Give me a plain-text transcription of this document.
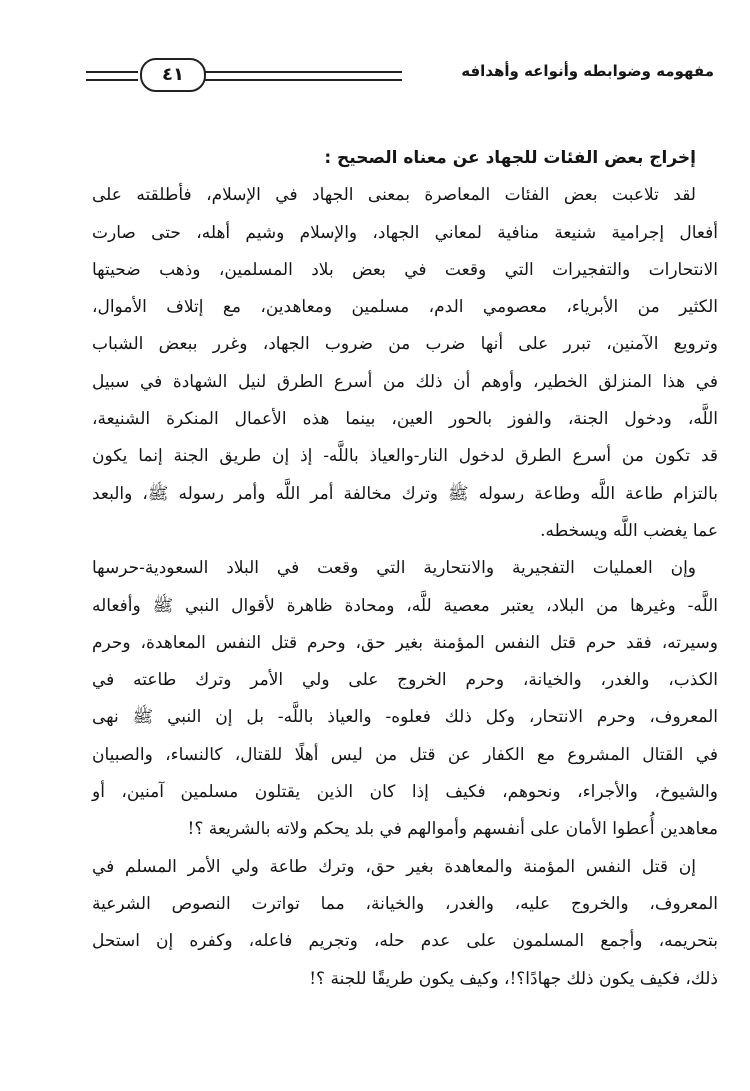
مفهومه وضوابطه وأنواعه وأهدافه
٤١
إخراج بعض الفئات للجهاد عن معناه الصحيح :

لقد تلاعبت بعض الفئات المعاصرة بمعنى الجهاد في الإسلام، فأطلقته على
أفعال إجرامية شنيعة منافية لمعاني الجهاد، والإسلام وشيم أهله، حتى صارت
الانتحارات والتفجيرات التي وقعت في بعض بلاد المسلمين، وذهب ضحيتها
الكثير من الأبرياء، معصومي الدم، مسلمين ومعاهدين، مع إتلاف الأموال،
وترويع الآمنين، تبرر على أنها ضرب من ضروب الجهاد، وغرر ببعض الشباب
في هذا المنزلق الخطير، وأوهم أن ذلك من أسرع الطرق لنيل الشهادة في سبيل
اللَّه، ودخول الجنة، والفوز بالحور العين، بينما هذه الأعمال المنكرة الشنيعة،
قد تكون من أسرع الطرق لدخول النار-والعياذ باللَّه- إذ إن طريق الجنة إنما يكون
بالتزام طاعة اللَّه وطاعة رسوله ﷺ وترك مخالفة أمر اللَّه وأمر رسوله ﷺ، والبعد
عما يغضب اللَّه ويسخطه.

وإن العمليات التفجيرية والانتحارية التي وقعت في البلاد السعودية-حرسها
اللَّه- وغيرها من البلاد، يعتبر معصية للَّه، ومحادة ظاهرة لأقوال النبي ﷺ وأفعاله
وسيرته، فقد حرم قتل النفس المؤمنة بغير حق، وحرم قتل النفس المعاهدة، وحرم
الكذب، والغدر، والخيانة، وحرم الخروج على ولي الأمر وترك طاعته في
المعروف، وحرم الانتحار، وكل ذلك فعلوه- والعياذ باللَّه- بل إن النبي ﷺ نهى
في القتال المشروع مع الكفار عن قتل من ليس أهلًا للقتال، كالنساء، والصبيان
والشيوخ، والأجراء، ونحوهم، فكيف إذا كان الذين يقتلون مسلمين آمنين، أو
معاهدين أُعطوا الأمان على أنفسهم وأموالهم في بلد يحكم ولاته بالشريعة ؟!

إن قتل النفس المؤمنة والمعاهدة بغير حق، وترك طاعة ولي الأمر المسلم في
المعروف، والخروج عليه، والغدر، والخيانة، مما تواترت النصوص الشرعية
بتحريمه، وأجمع المسلمون على عدم حله، وتجريم فاعله، وكفره إن استحل
ذلك، فكيف يكون ذلك جهادًا؟!، وكيف يكون طريقًا للجنة ؟!
